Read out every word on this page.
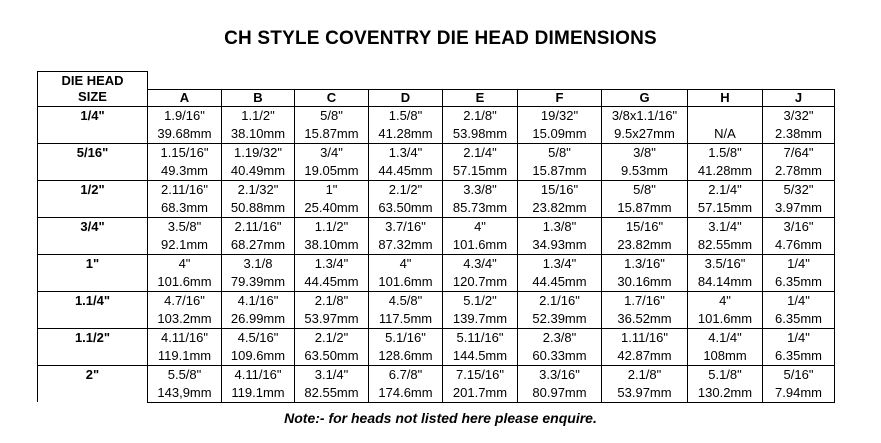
CH STYLE COVENTRY DIE HEAD DIMENSIONS
DIE HEAD
SIZE									

	A	B	C	D	E	F	G	H	J
1/4"	1.9/16"	1.1/2"	5/8"	1.5/8"	2.1/8"	19/32"	3/8x1.1/16"		3/32"
	39.68mm	38.10mm	15.87mm	41.28mm	53.98mm	15.09mm	9.5x27mm	N/A	2.38mm
5/16"	1.15/16"	1.19/32"	3/4"	1.3/4"	2.1/4"	5/8"	3/8"	1.5/8"	7/64"
	49.3mm	40.49mm	19.05mm	44.45mm	57.15mm	15.87mm	9.53mm	41.28mm	2.78mm
1/2"	2.11/16"	2.1/32"	1"	2.1/2"	3.3/8"	15/16"	5/8"	2.1/4"	5/32"
	68.3mm	50.88mm	25.40mm	63.50mm	85.73mm	23.82mm	15.87mm	57.15mm	3.97mm
3/4"	3.5/8"	2.11/16"	1.1/2"	3.7/16"	4"	1.3/8"	15/16"	3.1/4"	3/16"
	92.1mm	68.27mm	38.10mm	87.32mm	101.6mm	34.93mm	23.82mm	82.55mm	4.76mm
1"	4"	3.1/8	1.3/4"	4"	4.3/4"	1.3/4"	1.3/16"	3.5/16"	1/4"
	101.6mm	79.39mm	44.45mm	101.6mm	120.7mm	44.45mm	30.16mm	84.14mm	6.35mm
1.1/4"	4.7/16"	4.1/16"	2.1/8"	4.5/8"	5.1/2"	2.1/16"	1.7/16"	4"	1/4"
	103.2mm	26.99mm	53.97mm	117.5mm	139.7mm	52.39mm	36.52mm	101.6mm	6.35mm
1.1/2"	4.11/16"	4.5/16"	2.1/2"	5.1/16"	5.11/16"	2.3/8"	1.11/16"	4.1/4"	1/4"
	119.1mm	109.6mm	63.50mm	128.6mm	144.5mm	60.33mm	42.87mm	108mm	6.35mm
2"	5.5/8"	4.11/16"	3.1/4"	6.7/8"	7.15/16"	3.3/16"	2.1/8"	5.1/8"	5/16"
	143,9mm	119.1mm	82.55mm	174.6mm	201.7mm	80.97mm	53.97mm	130.2mm	7.94mm
Note:- for heads not listed here please enquire.
